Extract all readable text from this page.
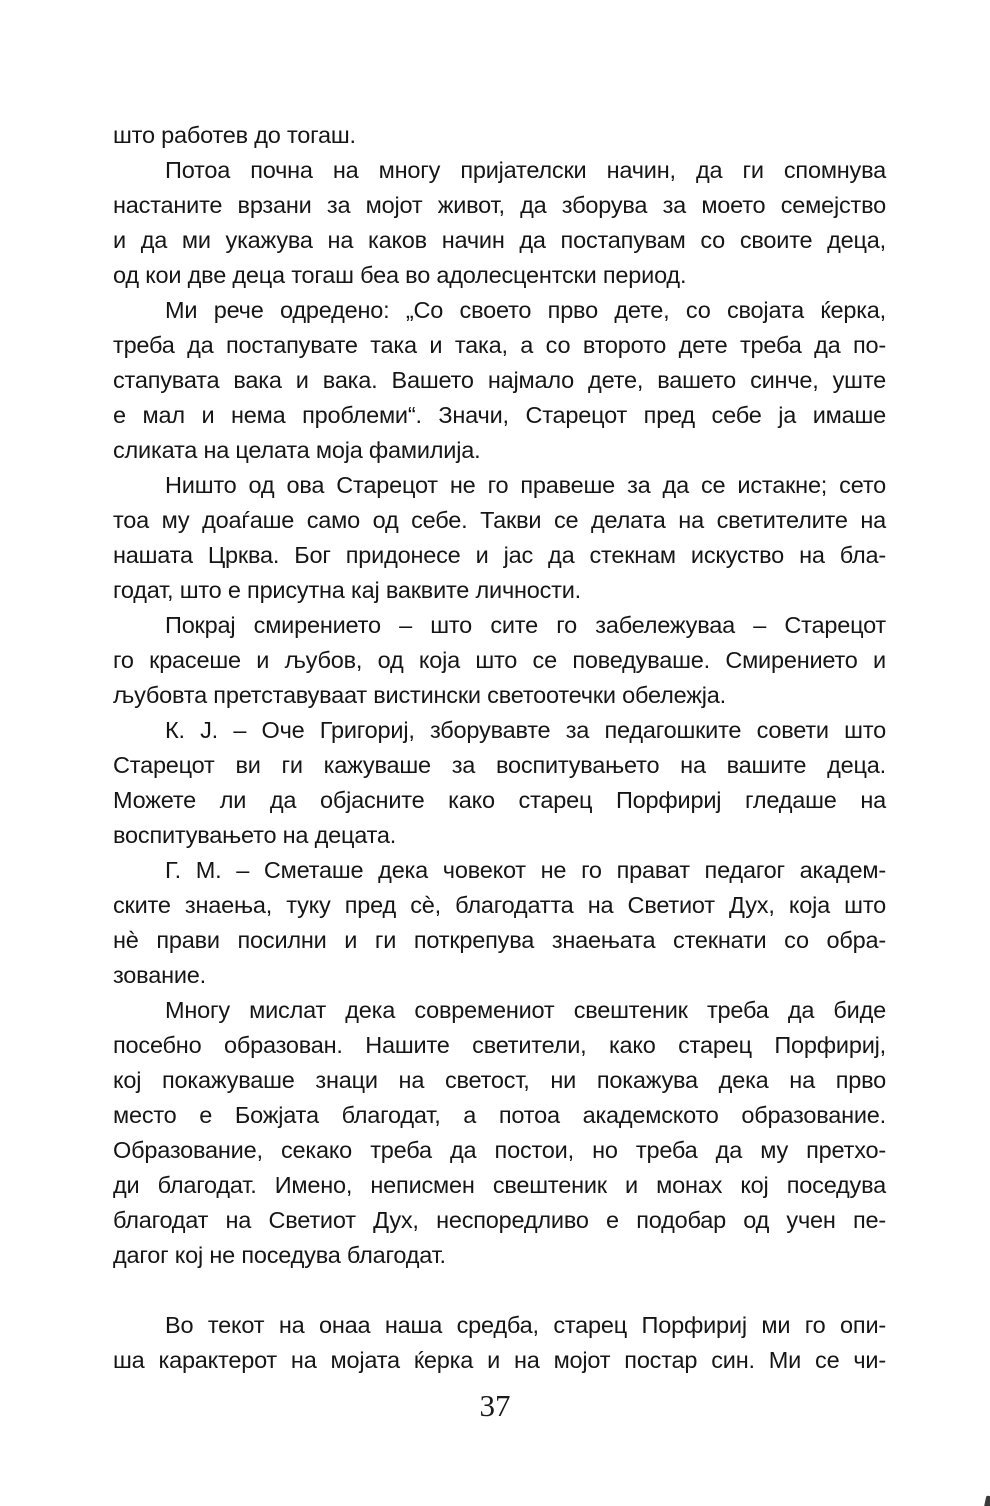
што работев до тогаш.
Потоа почна на многу пријателски начин, да ги спомнува
настаните врзани за мојот живот, да зборува за моето семејство
и да ми укажува на каков начин да постапувам со своите деца,
од кои две деца тогаш беа во адолесцентски период.
Ми рече одредено: „Со своето прво дете, со својата ќерка,
треба да постапувате така и така, а со второто дете треба да по-
стапувата вака и вака. Вашето најмало дете, вашето синче, уште
е мал и нема проблеми“. Значи, Старецот пред себе ја имаше
сликата на целата моја фамилија.
Ништо од ова Старецот не го правеше за да се истакне; сето
тоа му доаѓаше само од себе. Такви се делата на светителите на
нашата Црква. Бог придонесе и јас да стекнам искуство на бла-
годат, што е присутна кај ваквите личности.
Покрај смирението – што сите го забележуваа – Старецот
го красеше и љубов, од која што се поведуваше. Смирението и
љубовта претставуваат вистински светоотечки обележја.
К. Ј. – Оче Григориј, зборувавте за педагошките совети што
Старецот ви ги кажуваше за воспитувањето на вашите деца.
Можете ли да објасните како старец Порфириј гледаше на
воспитувањето на децата.
Г. М. – Сметаше дека човекот не го прават педагог академ-
ските знаења, туку пред сѐ, благодатта на Светиот Дух, која што
нѐ прави посилни и ги поткрепува знаењата стекнати со обра-
зование.
Многу мислат дека современиот свештеник треба да биде
посебно образован. Нашите светители, како старец Порфириј,
кој покажуваше знаци на светост, ни покажува дека на прво
место е Божјата благодат, а потоа академското образование.
Образование, секако треба да постои, но треба да му претхо-
ди благодат. Имено, неписмен свештеник и монах кој поседува
благодат на Светиот Дух, неспоредливо е подобар од учен пе-
дагог кој не поседува благодат.

Во текот на онаа наша средба, старец Порфириј ми го опи-
ша карактерот на мојата ќерка и на мојот постар син. Ми се чи-
37
